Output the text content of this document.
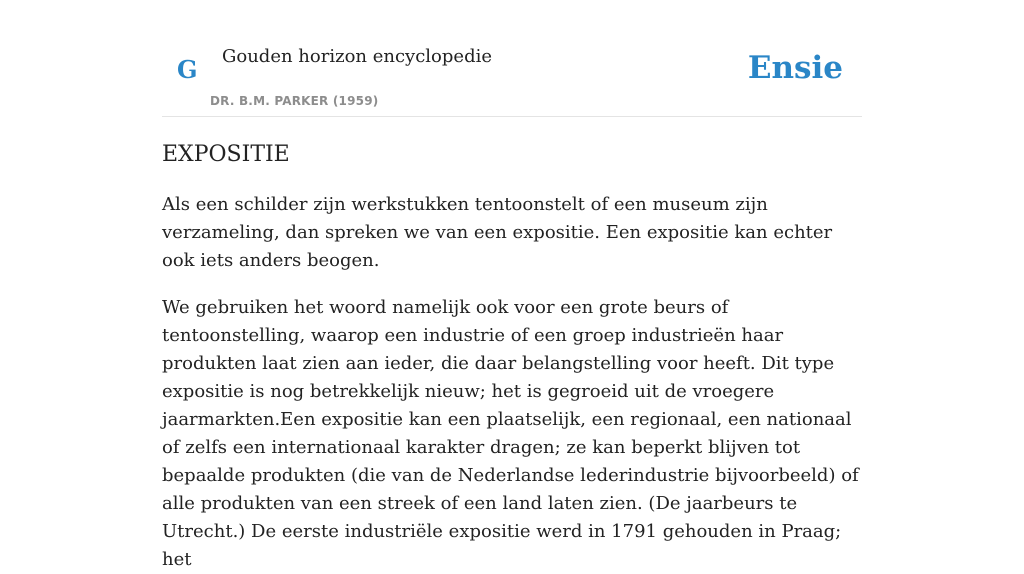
G Gouden horizon encyclopedie
DR. B.M. PARKER (1959)
Ensie
EXPOSITIE

Als een schilder zijn werkstukken tentoonstelt of een museum zijn verzameling, dan spreken we van een expositie. Een expositie kan echter ook iets anders beogen.

We gebruiken het woord namelijk ook voor een grote beurs of tentoonstelling, waarop een industrie of een groep industrieën haar produkten laat zien aan ieder, die daar belangstelling voor heeft. Dit type expositie is nog betrekkelijk nieuw; het is gegroeid uit de vroegere jaarmarkten.Een expositie kan een plaatselijk, een regionaal, een nationaal of zelfs een internationaal karakter dragen; ze kan beperkt blijven tot bepaalde produkten (die van de Nederlandse lederindustrie bijvoorbeeld) of alle produkten van een streek of een land laten zien. (De jaarbeurs te Utrecht.) De eerste industriële expositie werd in 1791 gehouden in Praag; het
